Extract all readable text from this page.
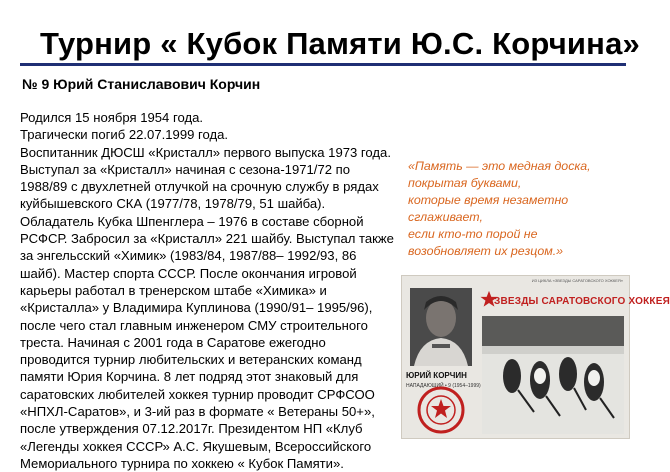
Турнир « Кубок Памяти Ю.С. Корчина»
№ 9 Юрий Станиславович Корчин
Родился 15 ноября 1954 года.
Трагически погиб 22.07.1999 года.
Воспитанник ДЮСШ «Кристалл» первого выпуска 1973 года.
Выступал за «Кристалл» начиная с сезона-1971/72 по
1988/89 с двухлетней отлучкой на срочную службу в рядах
куйбышевского СКА (1977/78, 1978/79, 51 шайба).
Обладатель Кубка Шпенглера – 1976 в составе сборной
РСФСР. Забросил за «Кристалл» 221 шайбу. Выступал также
за энгельсский «Химик» (1983/84, 1987/88– 1992/93, 86
шайб). Мастер спорта СССР. После окончания игровой
карьеры работал в тренерском штабе «Химика» и
«Кристалла» у Владимира Куплинова (1990/91– 1995/96),
после чего стал главным инженером СМУ строительного
треста. Начиная с 2001 года в Саратове ежегодно
проводится турнир любительских и ветеранских команд
памяти Юрия Корчина. 8 лет подряд этот знаковый для
саратовских любителей хоккея турнир проводит СРФСОО
«НПХЛ-Саратов», и 3-ий раз в формате « Ветераны 50+»,
после утверждения 07.12.2017г. Президентом НП «Клуб
«Легенды хоккея СССР» А.С. Якушевым, Всероссийского
Мемориального турнира по хоккею « Кубок Памяти».
«Память — это медная доска,
покрытая буквами,
которые время незаметно
сглаживает,
если кто-то порой не
возобновляет их резцом.»
ИЗ ЦИКЛА «ЗВЕЗДЫ САРАТОВСКОГО ХОККЕЯ»
ЗВЕЗДЫ САРАТОВСКОГО ХОККЕЯ
ЮРИЙ КОРЧИН
НАПАДАЮЩИЙ • 9 (1954–1999)
